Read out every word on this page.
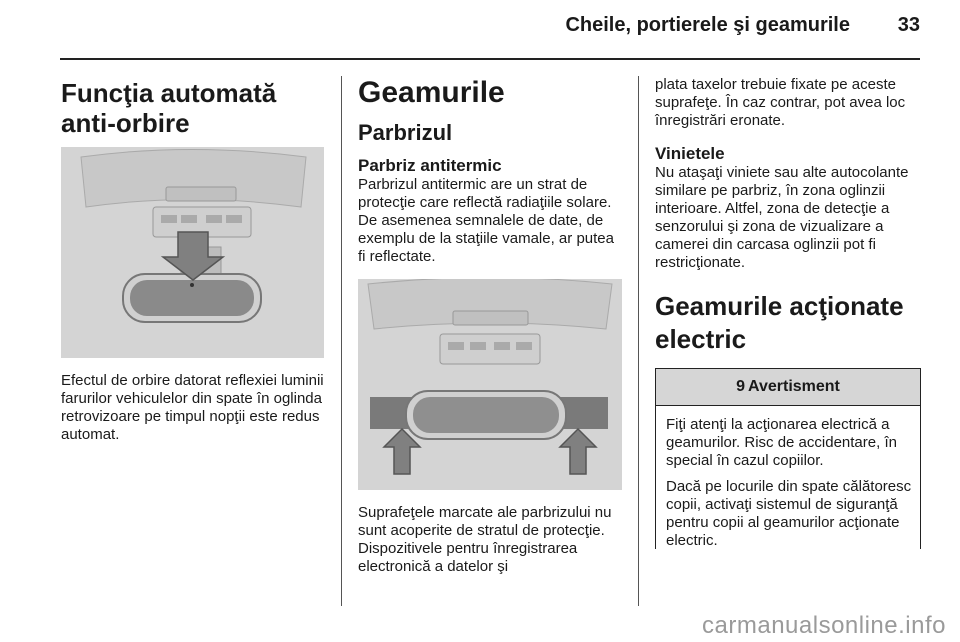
Cheile, portierele şi geamurile	33
Funcţia automată anti-orbire
Efectul de orbire datorat reflexiei luminii farurilor vehiculelor din spate în oglinda retrovizoare pe timpul nopţii este redus automat.
Geamurile
Parbrizul
Parbriz antitermic
Parbrizul antitermic are un strat de protecţie care reflectă radiaţiile solare. De asemenea semnalele de date, de exemplu de la staţiile vamale, ar putea fi reflectate.
Suprafeţele marcate ale parbrizului nu sunt acoperite de stratul de protecţie. Dispozitivele pentru înregistrarea electronică a datelor şi
plata taxelor trebuie fixate pe aceste suprafeţe. În caz contrar, pot avea loc înregistrări eronate.
Vinietele
Nu ataşaţi viniete sau alte autocolante similare pe parbriz, în zona oglinzii interioare. Altfel, zona de detecţie a senzorului şi zona de vizualizare a camerei din carcasa oglinzii pot fi restricţionate.
Geamurile acţionate electric
9 Avertisment
Fiţi atenţi la acţionarea electrică a geamurilor. Risc de accidentare, în special în cazul copiilor.
Dacă pe locurile din spate călătoresc copii, activaţi sistemul de siguranţă pentru copii al geamurilor acţionate electric.
carmanualsonline.info
